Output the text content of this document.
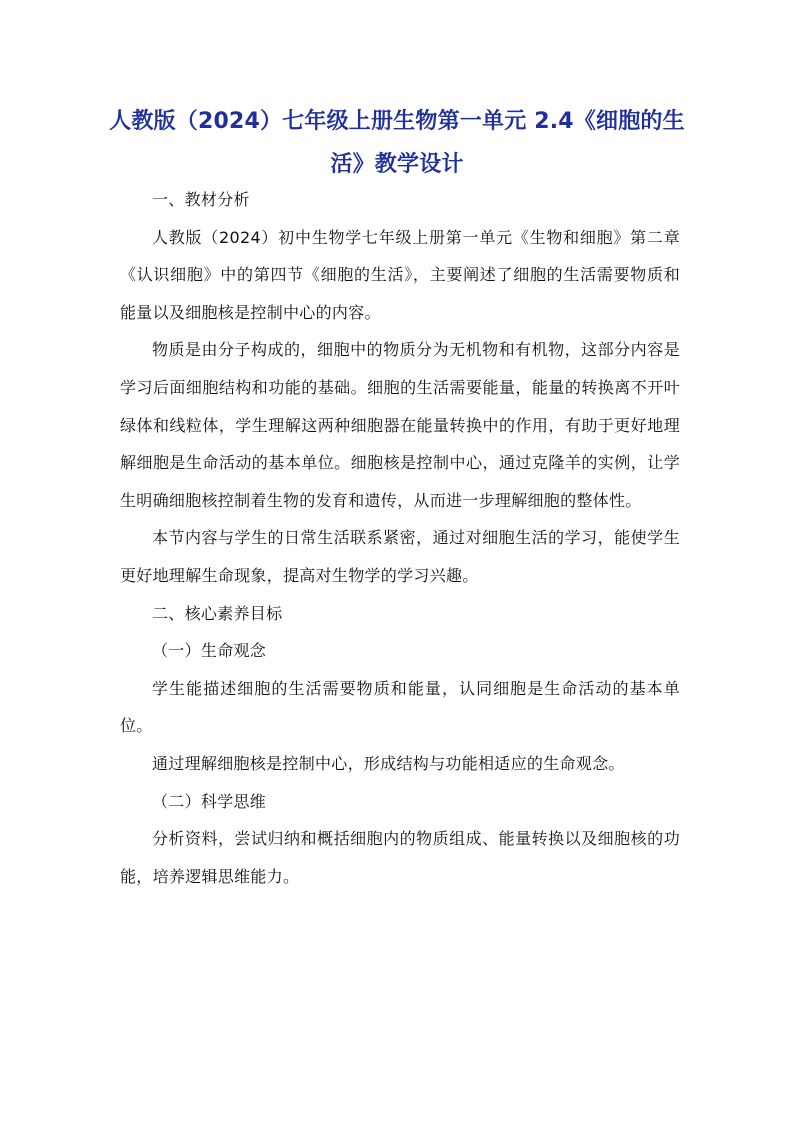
人教版（2024）七年级上册生物第一单元 2.4《细胞的生活》教学设计

一、教材分析

人教版（2024）初中生物学七年级上册第一单元《生物和细胞》第二章《认识细胞》中的第四节《细胞的生活》，主要阐述了细胞的生活需要物质和能量以及细胞核是控制中心的内容。

物质是由分子构成的，细胞中的物质分为无机物和有机物，这部分内容是学习后面细胞结构和功能的基础。细胞的生活需要能量，能量的转换离不开叶绿体和线粒体，学生理解这两种细胞器在能量转换中的作用，有助于更好地理解细胞是生命活动的基本单位。细胞核是控制中心，通过克隆羊的实例，让学生明确细胞核控制着生物的发育和遗传，从而进一步理解细胞的整体性。

本节内容与学生的日常生活联系紧密，通过对细胞生活的学习，能使学生更好地理解生命现象，提高对生物学的学习兴趣。

二、核心素养目标

（一）生命观念

学生能描述细胞的生活需要物质和能量，认同细胞是生命活动的基本单位。

通过理解细胞核是控制中心，形成结构与功能相适应的生命观念。

（二）科学思维

分析资料，尝试归纳和概括细胞内的物质组成、能量转换以及细胞核的功能，培养逻辑思维能力。
